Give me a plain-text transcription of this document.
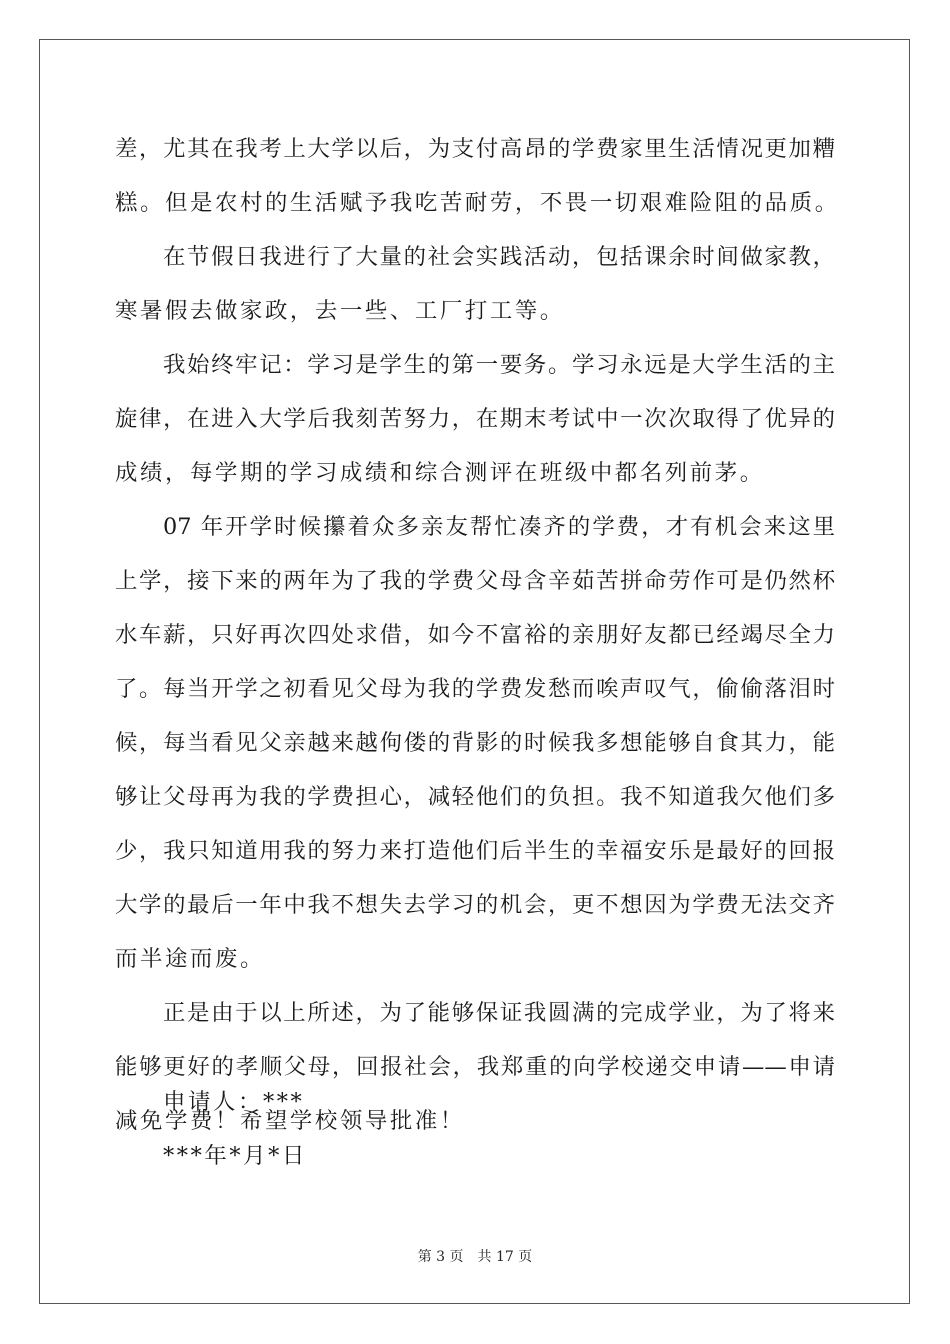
差，尤其在我考上大学以后，为支付高昂的学费家里生活情况更加糟
糕。但是农村的生活赋予我吃苦耐劳，不畏一切艰难险阻的品质。
在节假日我进行了大量的社会实践活动，包括课余时间做家教，
寒暑假去做家政，去一些、工厂打工等。
我始终牢记：学习是学生的第一要务。学习永远是大学生活的主
旋律，在进入大学后我刻苦努力，在期末考试中一次次取得了优异的
成绩，每学期的学习成绩和综合测评在班级中都名列前茅。
07 年开学时候攥着众多亲友帮忙凑齐的学费，才有机会来这里
上学，接下来的两年为了我的学费父母含辛茹苦拼命劳作可是仍然杯
水车薪，只好再次四处求借，如今不富裕的亲朋好友都已经竭尽全力
了。每当开学之初看见父母为我的学费发愁而唉声叹气，偷偷落泪时
候，每当看见父亲越来越佝偻的背影的时候我多想能够自食其力，能
够让父母再为我的学费担心，减轻他们的负担。我不知道我欠他们多
少，我只知道用我的努力来打造他们后半生的幸福安乐是最好的回报
大学的最后一年中我不想失去学习的机会，更不想因为学费无法交齐
而半途而废。
正是由于以上所述，为了能够保证我圆满的完成学业，为了将来
能够更好的孝顺父母，回报社会，我郑重的向学校递交申请——申请
减免学费！希望学校领导批准！
申请人：***
***年*月*日
第 3 页 共 17 页
